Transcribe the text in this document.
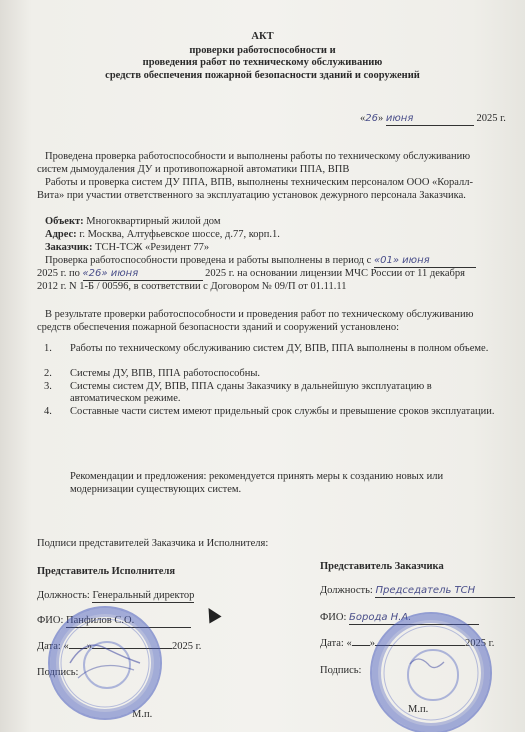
АКТ
проверки работоспособности и
проведения работ по техническому обслуживанию
средств обеспечения пожарной безопасности зданий и сооружений
«26» июня	2025 г.
Проведена проверка работоспособности и выполнены работы по техническому обслуживанию
систем дымоудаления ДУ и противопожарной автоматики ППА, ВПВ
Работы и проверка систем ДУ ППА, ВПВ, выполнены техническим персоналом ООО «Коралл-
Вита» при участии ответственного за эксплуатацию установок дежурного персонала Заказчика.
Объект: Многоквартирный жилой дом
Адрес: г. Москва, Алтуфьевское шоссе, д.77, корп.1.
Заказчик: ТСН-ТСЖ «Резидент 77»
Проверка работоспособности проведена и работы выполнены в период с «01» июня
2025 г. по «26» июня	2025 г. на основании лицензии МЧС России от 11 декабря
2012 г. N 1-Б / 00596, в соответствии с Договором № 09/П от 01.11.11
В результате проверки работоспособности и проведения работ по техническому обслуживанию
средств обеспечения пожарной безопасности зданий и сооружений установлено:
1. Работы по техническому обслуживанию систем ДУ, ВПВ, ППА выполнены в полном объеме.
2. Системы ДУ, ВПВ, ППА работоспособны.
3. Системы систем ДУ, ВПВ, ППА сданы Заказчику в дальнейшую эксплуатацию в автоматическом режиме.
4. Составные части систем имеют придельный срок службы и превышение сроков эксплуатации.
Рекомендации и предложения: рекомендуется принять меры к созданию новых или
модернизации существующих систем.
Подписи представителей Заказчика и Исполнителя:
Представитель Исполнителя
Должность: Генеральный директор
ФИО: Панфилов С.О.
Дата: « »	2025 г.
Подпись:
М.п.
Представитель Заказчика
Должность: Председатель ТСН
ФИО: Борода Н.А.
Дата: « »	2025 г.
Подпись:
М.п.
